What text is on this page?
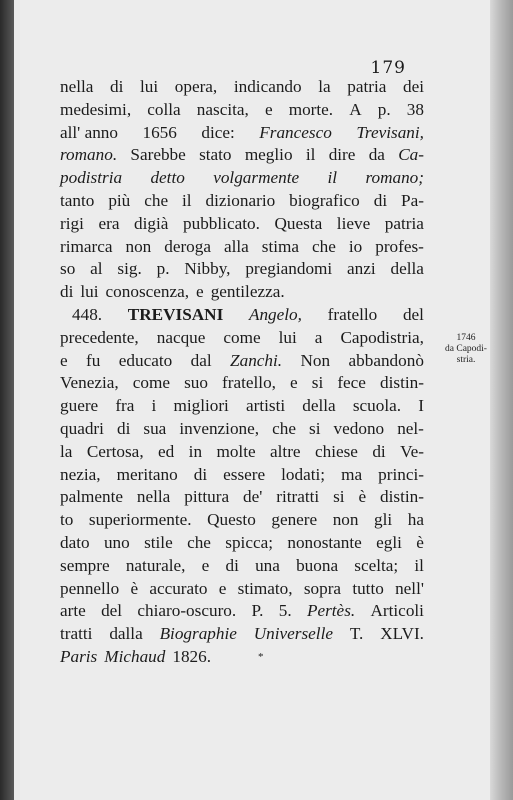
179
nella di lui opera, indicando la patria dei
medesimi, colla nascita, e morte. A p. 38
all' anno 1656 dice: Francesco Trevisani,
romano. Sarebbe stato meglio il dire da Ca-
podistria detto volgarmente il romano;
tanto più che il dizionario biografico di Pa-
rigi era digià pubblicato. Questa lieve patria
rimarca non deroga alla stima che io profes-
so al sig. p. Nibby, pregiandomi anzi della
di lui conoscenza, e gentilezza.
448. TREVISANI Angelo, fratello del
precedente, nacque come lui a Capodistria,
e fu educato dal Zanchi. Non abbandonò
Venezia, come suo fratello, e si fece distin-
guere fra i migliori artisti della scuola. I
quadri di sua invenzione, che si vedono nel-
la Certosa, ed in molte altre chiese di Ve-
nezia, meritano di essere lodati; ma princi-
palmente nella pittura de' ritratti si è distin-
to superiormente. Questo genere non gli ha
dato uno stile che spicca; nonostante egli è
sempre naturale, e di una buona scelta; il
pennello è accurato e stimato, sopra tutto nell'
arte del chiaro-oscuro. P. 5. Pertès. Articoli
tratti dalla Biographie Universelle T. XLVI.
Paris Michaud 1826.	*
1746
da Capodi-
stria.
